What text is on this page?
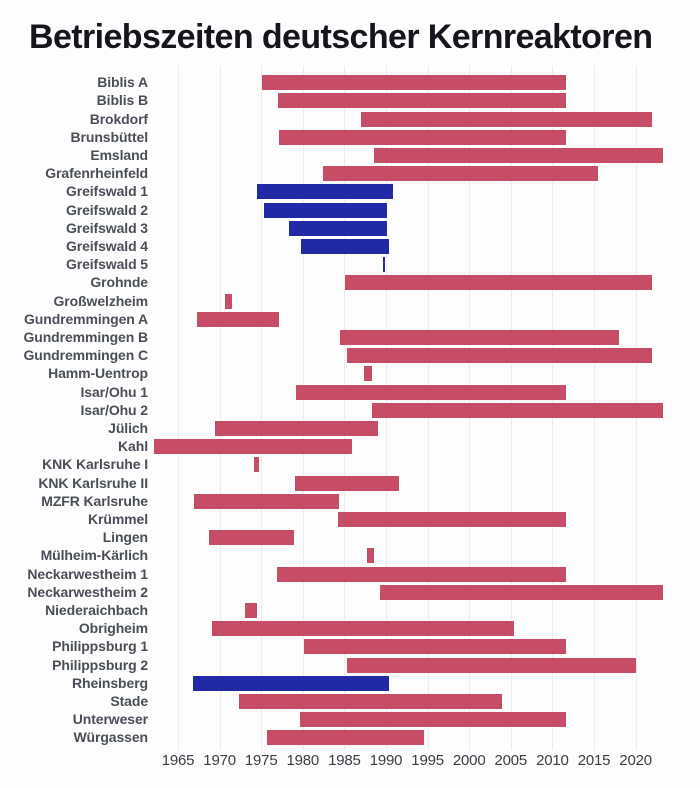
Betriebszeiten deutscher Kernreaktoren
1965 1970 1975 1980 1985 1990 1995 2000 2005 2010 2015 2020
Biblis A
Biblis B
Brokdorf
Brunsbüttel
Emsland
Grafenrheinfeld
Greifswald 1
Greifswald 2
Greifswald 3
Greifswald 4
Greifswald 5
Grohnde
Großwelzheim
Gundremmingen A
Gundremmingen B
Gundremmingen C
Hamm-Uentrop
Isar/Ohu 1
Isar/Ohu 2
Jülich
Kahl
KNK Karlsruhe I
KNK Karlsruhe II
MZFR Karlsruhe
Krümmel
Lingen
Mülheim-Kärlich
Neckarwestheim 1
Neckarwestheim 2
Niederaichbach
Obrigheim
Philippsburg 1
Philippsburg 2
Rheinsberg
Stade
Unterweser
Würgassen
